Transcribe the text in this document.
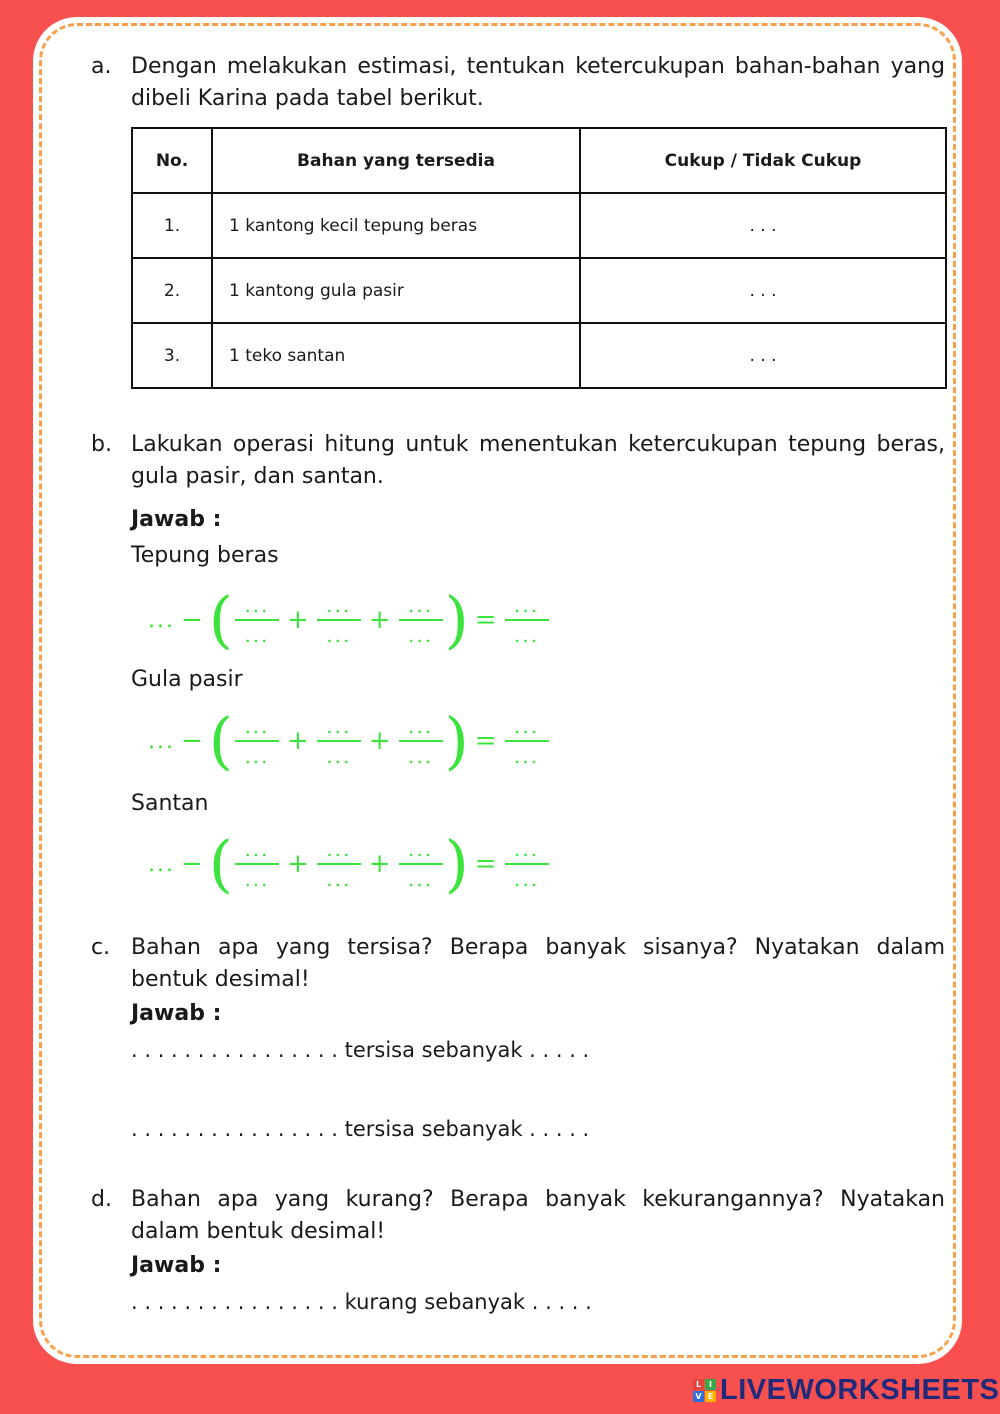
a. Dengan melakukan estimasi, tentukan ketercukupan bahan-bahan yang dibeli Karina pada tabel berikut.
No.	Bahan yang tersedia	Cukup / Tidak Cukup
1.	1 kantong kecil tepung beras	. . .
2.	1 kantong gula pasir	. . .
3.	1 teko santan	. . .
b. Lakukan operasi hitung untuk menentukan ketercukupan tepung beras, gula pasir, dan santan.
Jawab :
Tepung beras
... − ( $\frac{...}{...} + \frac{...}{...} + \frac{...}{...}$ ) = $\frac{...}{...}$
Gula pasir
... − ( $\frac{...}{...} + \frac{...}{...} + \frac{...}{...}$ ) = $\frac{...}{...}$
Santan
... − ( $\frac{...}{...} + \frac{...}{...} + \frac{...}{...}$ ) = $\frac{...}{...}$
c. Bahan apa yang tersisa? Berapa banyak sisanya? Nyatakan dalam bentuk desimal!
Jawab :
. . . . . . . . . . . . . . . . tersisa sebanyak . . . . .
. . . . . . . . . . . . . . . . tersisa sebanyak . . . . .
d. Bahan apa yang kurang? Berapa banyak kekurangannya? Nyatakan dalam bentuk desimal!
Jawab :
. . . . . . . . . . . . . . . . kurang sebanyak . . . . .
L I
V E LIVEWORKSHEETS
